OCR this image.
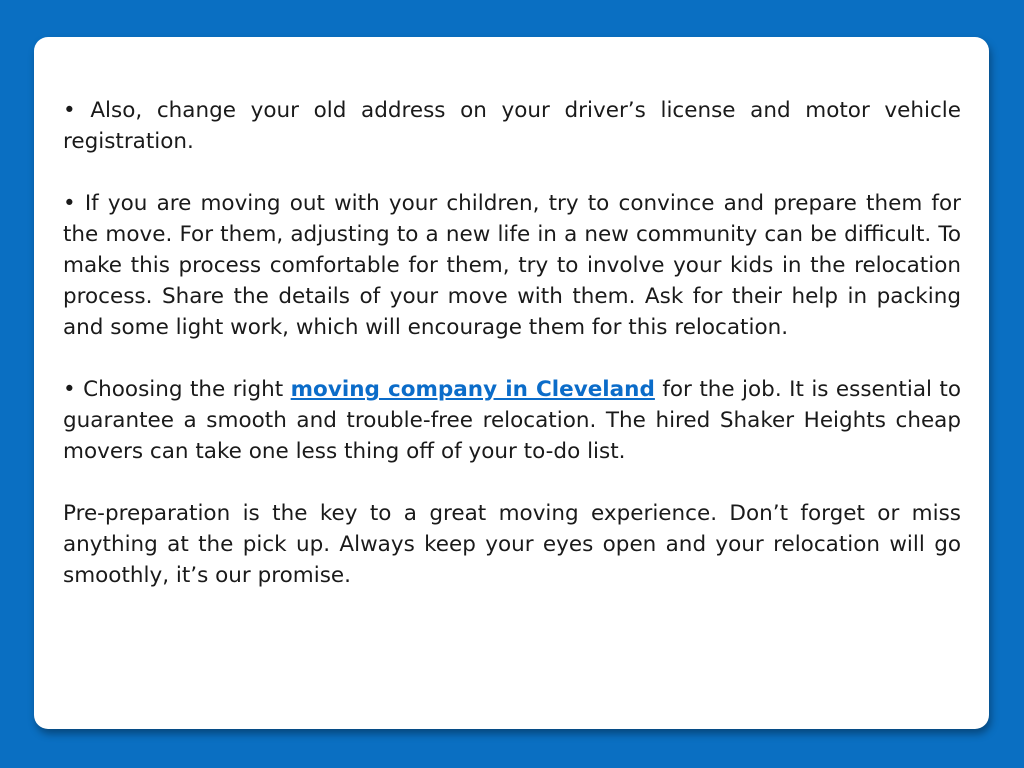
• Also, change your old address on your driver’s license and motor vehicle registration.

• If you are moving out with your children, try to convince and prepare them for the move. For them, adjusting to a new life in a new community can be difficult. To make this process comfortable for them, try to involve your kids in the relocation process. Share the details of your move with them. Ask for their help in packing and some light work, which will encourage them for this relocation.

• Choosing the right moving company in Cleveland for the job. It is essential to guarantee a smooth and trouble-free relocation. The hired Shaker Heights cheap movers can take one less thing off of your to-do list.

Pre-preparation is the key to a great moving experience. Don’t forget or miss anything at the pick up. Always keep your eyes open and your relocation will go smoothly, it’s our promise.
